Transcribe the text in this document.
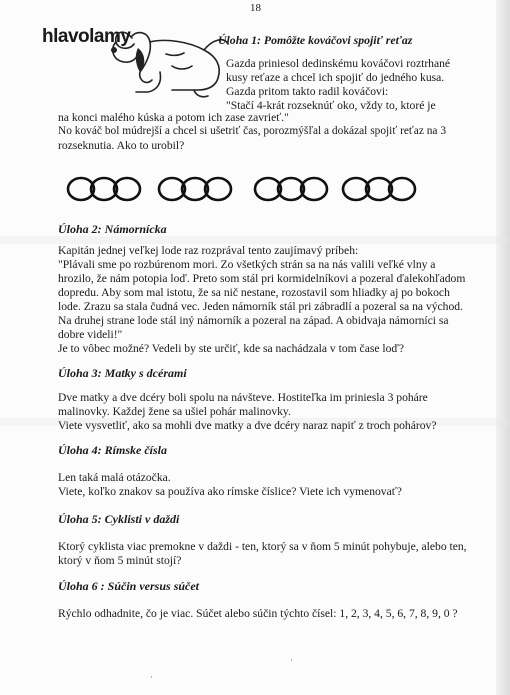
18
hlavolamy	Úloha 1: Pomôžte kováčovi spojiť reťaz
Gazda priniesol dedinskému kováčovi roztrhané
kusy reťaze a chcel ich spojiť do jedného kusa.
Gazda pritom takto radil kováčovi:
"Stačí 4-krát rozseknúť oko, vždy to, ktoré je
na konci malého kúska a potom ich zase zavrieť."
No kováč bol múdrejší a chcel si ušetriť čas, porozmýšľal a dokázal spojiť reťaz na 3
rozseknutia. Ako to urobil?
Úloha 2: Námornícka
Kapitán jednej veľkej lode raz rozprával tento zaujímavý príbeh:
"Plávali sme po rozbúrenom mori. Zo všetkých strán sa na nás valili veľké vlny a
hrozilo, že nám potopia loď. Preto som stál pri kormidelníkovi a pozeral ďalekohľadom
dopredu. Aby som mal istotu, že sa nič nestane, rozostavil som hliadky aj po bokoch
lode. Zrazu sa stala čudná vec. Jeden námorník stál pri zábradlí a pozeral sa na východ.
Na druhej strane lode stál iný námorník a pozeral na západ. A obidvaja námorníci sa
dobre videli!"
Je to vôbec možné? Vedeli by ste určiť, kde sa nachádzala v tom čase loď?
Úloha 3: Matky s dcérami
Dve matky a dve dcéry boli spolu na návšteve. Hostiteľka im priniesla 3 poháre
malinovky. Každej žene sa ušiel pohár malinovky.
Viete vysvetliť, ako sa mohli dve matky a dve dcéry naraz napiť z troch pohárov?
Úloha 4: Rímske čísla
Len taká malá otázočka.
Viete, koľko znakov sa používa ako rímske číslice? Viete ich vymenovať?
Úloha 5: Cyklisti v daždi
Ktorý cyklista viac premokne v daždi - ten, ktorý sa v ňom 5 minút pohybuje, alebo ten,
ktorý v ňom 5 minút stojí?
Úloha 6 : Súčin versus súčet
Rýchlo odhadnite, čo je viac. Súčet alebo súčin týchto čísel: 1, 2, 3, 4, 5, 6, 7, 8, 9, 0 ?
·
·
